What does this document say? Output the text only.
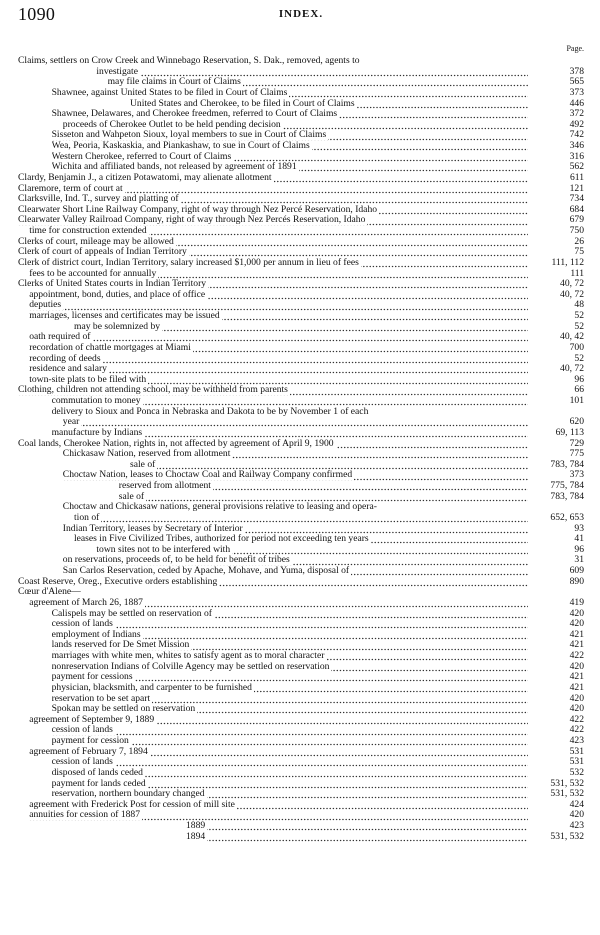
1090	INDEX.
Page.
Claims, settlers on Crow Creek and Winnebago Reservation, S. Dak., removed, agents to
investigate	378
may file claims in Court of Claims	565
Shawnee, against United States to be filed in Court of Claims	373
United States and Cherokee, to be filed in Court of Claims	446
Shawnee, Delawares, and Cherokee freedmen, referred to Court of Claims	372
proceeds of Cherokee Outlet to be held pending decision	492
Sisseton and Wahpeton Sioux, loyal members to sue in Court of Claims	742
Wea, Peoria, Kaskaskia, and Piankashaw, to sue in Court of Claims	346
Western Cherokee, referred to Court of Claims	316
Wichita and affiliated bands, not released by agreement of 1891	562
Clardy, Benjamin J., a citizen Potawatomi, may alienate allotment	611
Claremore, term of court at	121
Clarksville, Ind. T., survey and platting of	734
Clearwater Short Line Railway Company, right of way through Nez Percé Reservation, Idaho	684
Clearwater Valley Railroad Company, right of way through Nez Percés Reservation, Idaho	679
time for construction extended	750
Clerks of court, mileage may be allowed	26
Clerk of court of appeals of Indian Territory	75
Clerk of district court, Indian Territory, salary increased $1,000 per annum in lieu of fees	111, 112
fees to be accounted for annually	111
Clerks of United States courts in Indian Territory	40, 72
appointment, bond, duties, and place of office	40, 72
deputies	48
marriages, licenses and certificates may be issued	52
may be solemnized by	52
oath required of	40, 42
recordation of chattle mortgages at Miami	700
recording of deeds	52
residence and salary	40, 72
town-site plats to be filed with	96
Clothing, children not attending school, may be withheld from parents	66
commutation to money	101
delivery to Sioux and Ponca in Nebraska and Dakota to be by November 1 of each
year	620
manufacture by Indians	69, 113
Coal lands, Cherokee Nation, rights in, not affected by agreement of April 9, 1900	729
Chickasaw Nation, reserved from allotment	775
sale of	783, 784
Choctaw Nation, leases to Choctaw Coal and Railway Company confirmed	373
reserved from allotment	775, 784
sale of	783, 784
Choctaw and Chickasaw nations, general provisions relative to leasing and opera-
tion of	652, 653
Indian Territory, leases by Secretary of Interior	93
leases in Five Civilized Tribes, authorized for period not exceeding ten years	41
town sites not to be interfered with	96
on reservations, proceeds of, to be held for benefit of tribes	31
San Carlos Reservation, ceded by Apache, Mohave, and Yuma, disposal of	609
Coast Reserve, Oreg., Executive orders establishing	890
Cœur d'Alene—
agreement of March 26, 1887	419
Calispels may be settled on reservation of	420
cession of lands	420
employment of Indians	421
lands reserved for De Smet Mission	421
marriages with white men, whites to satisfy agent as to moral character	422
nonreservation Indians of Colville Agency may be settled on reservation	420
payment for cessions	421
physician, blacksmith, and carpenter to be furnished	421
reservation to be set apart	420
Spokan may be settled on reservation	420
agreement of September 9, 1889	422
cession of lands	422
payment for cession	423
agreement of February 7, 1894	531
cession of lands	531
disposed of lands ceded	532
payment for lands ceded	531, 532
reservation, northern boundary changed	531, 532
agreement with Frederick Post for cession of mill site	424
annuities for cession of 1887	420
1889	423
1894	531, 532
